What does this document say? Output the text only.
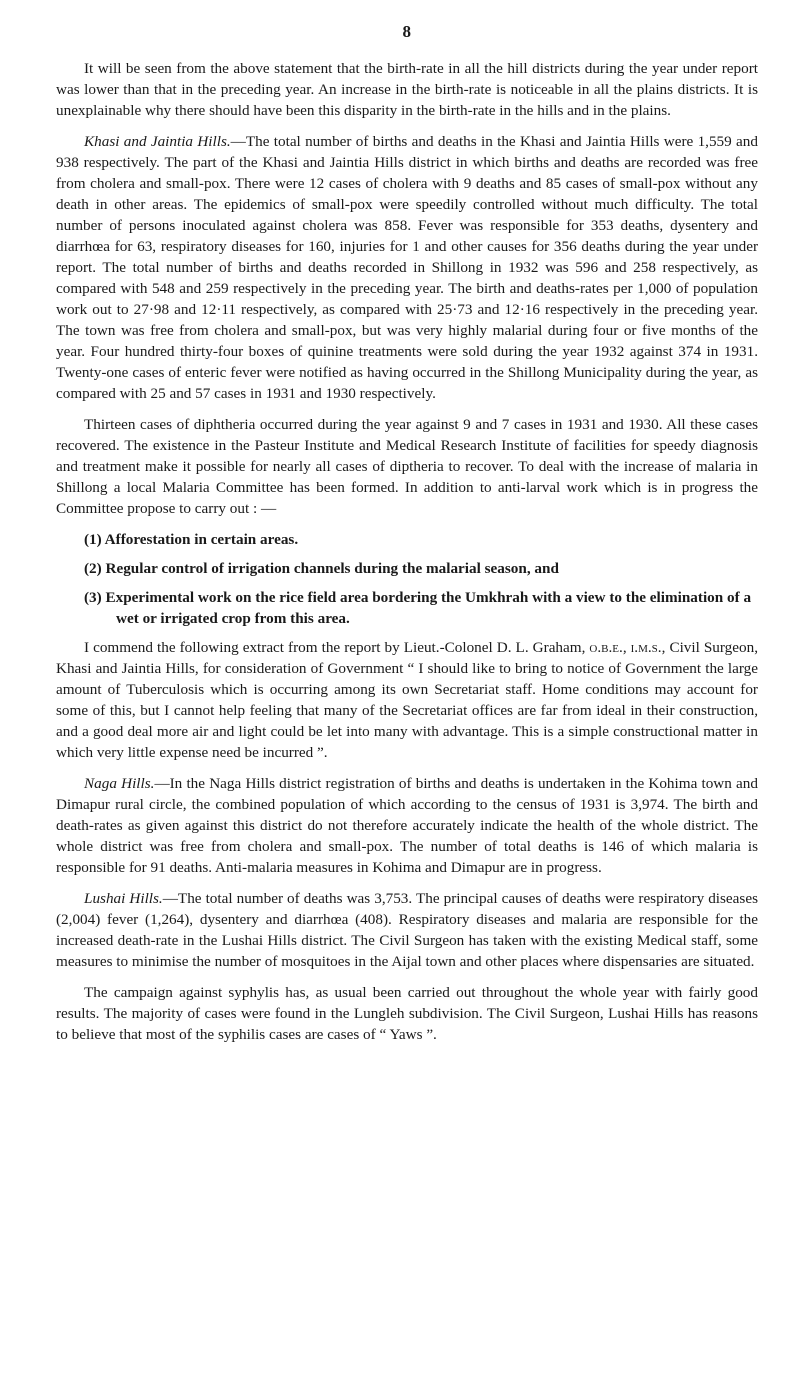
8

It will be seen from the above statement that the birth-rate in all the hill districts during the year under report was lower than that in the preceding year. An increase in the birth-rate is noticeable in all the plains districts. It is unexplainable why there should have been this disparity in the birth-rate in the hills and in the plains.

Khasi and Jaintia Hills.—The total number of births and deaths in the Khasi and Jaintia Hills were 1,559 and 938 respectively. The part of the Khasi and Jaintia Hills district in which births and deaths are recorded was free from cholera and small-pox. There were 12 cases of cholera with 9 deaths and 85 cases of small-pox without any death in other areas. The epidemics of small-pox were speedily controlled without much difficulty. The total number of persons inoculated against cholera was 858. Fever was responsible for 353 deaths, dysentery and diarrhœa for 63, respiratory diseases for 160, injuries for 1 and other causes for 356 deaths during the year under report. The total number of births and deaths recorded in Shillong in 1932 was 596 and 258 respectively, as compared with 548 and 259 respectively in the preceding year. The birth and deaths-rates per 1,000 of population work out to 27·98 and 12·11 respectively, as compared with 25·73 and 12·16 respectively in the preceding year. The town was free from cholera and small-pox, but was very highly malarial during four or five months of the year. Four hundred thirty-four boxes of quinine treatments were sold during the year 1932 against 374 in 1931. Twenty-one cases of enteric fever were notified as having occurred in the Shillong Municipality during the year, as compared with 25 and 57 cases in 1931 and 1930 respectively.

Thirteen cases of diphtheria occurred during the year against 9 and 7 cases in 1931 and 1930. All these cases recovered. The existence in the Pasteur Institute and Medical Research Institute of facilities for speedy diagnosis and treatment make it possible for nearly all cases of diptheria to recover. To deal with the increase of malaria in Shillong a local Malaria Committee has been formed. In addition to anti-larval work which is in progress the Committee propose to carry out : —

(1) Afforestation in certain areas.

(2) Regular control of irrigation channels during the malarial season, and

(3) Experimental work on the rice field area bordering the Umkhrah with a view to the elimination of a wet or irrigated crop from this area.

I commend the following extract from the report by Lieut.-Colonel D. L. Graham, o.b.e., i.m.s., Civil Surgeon, Khasi and Jaintia Hills, for consideration of Government “ I should like to bring to notice of Government the large amount of Tuberculosis which is occurring among its own Secretariat staff. Home conditions may account for some of this, but I cannot help feeling that many of the Secretariat offices are far from ideal in their construction, and a good deal more air and light could be let into many with advantage. This is a simple constructional matter in which very little expense need be incurred ”.

Naga Hills.—In the Naga Hills district registration of births and deaths is undertaken in the Kohima town and Dimapur rural circle, the combined population of which according to the census of 1931 is 3,974. The birth and death-rates as given against this district do not therefore accurately indicate the health of the whole district. The whole district was free from cholera and small-pox. The number of total deaths is 146 of which malaria is responsible for 91 deaths. Anti-malaria measures in Kohima and Dimapur are in progress.

Lushai Hills.—The total number of deaths was 3,753. The principal causes of deaths were respiratory diseases (2,004) fever (1,264), dysentery and diarrhœa (408). Respiratory diseases and malaria are responsible for the increased death-rate in the Lushai Hills district. The Civil Surgeon has taken with the existing Medical staff, some measures to minimise the number of mosquitoes in the Aijal town and other places where dispensaries are situated.

The campaign against syphylis has, as usual been carried out throughout the whole year with fairly good results. The majority of cases were found in the Lungleh subdivision. The Civil Surgeon, Lushai Hills has reasons to believe that most of the syphilis cases are cases of “ Yaws ”.
